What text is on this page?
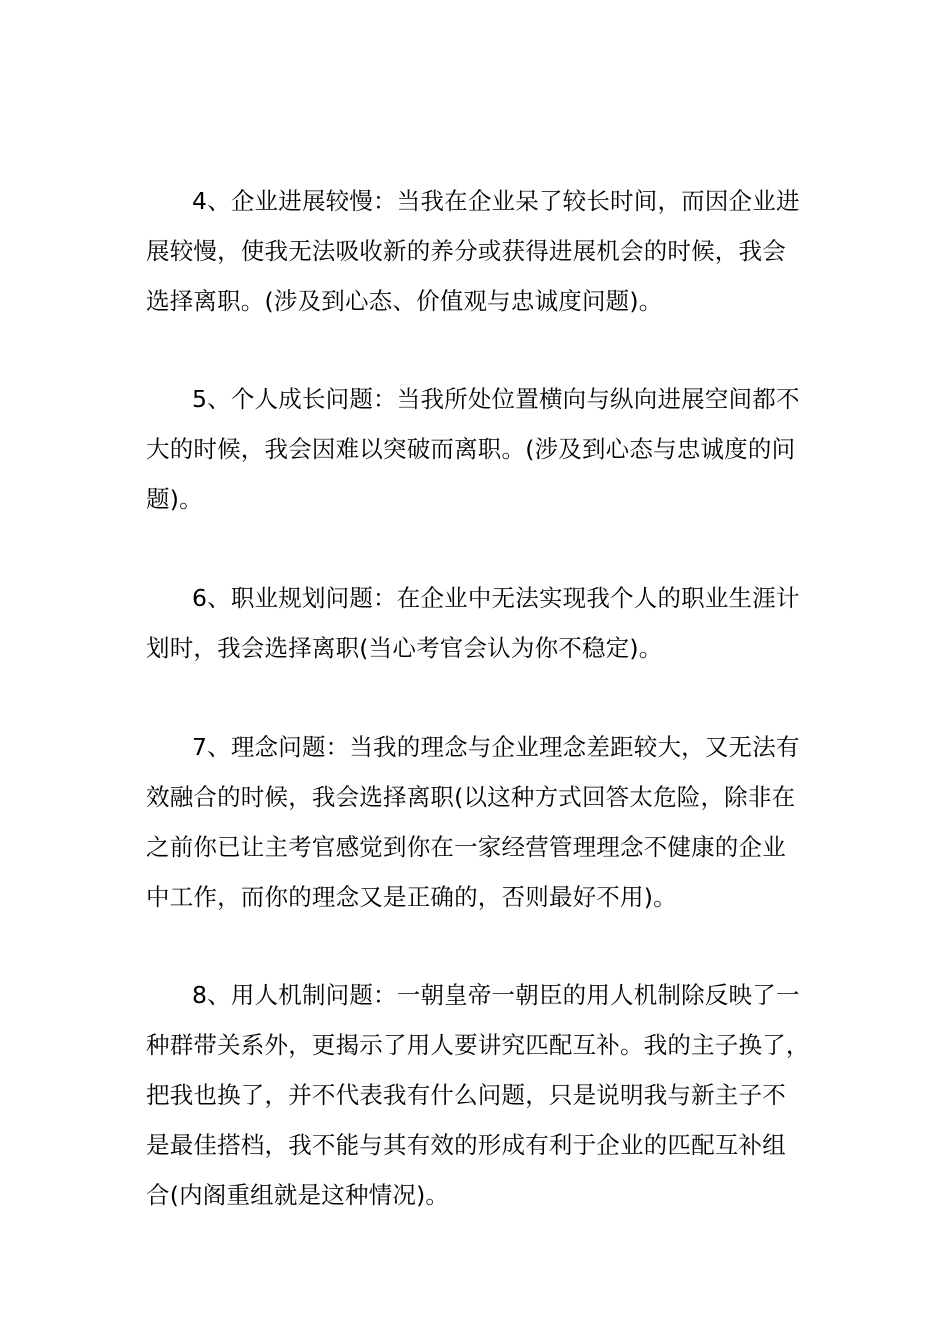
4、企业进展较慢：当我在企业呆了较长时间，而因企业进
展较慢，使我无法吸收新的养分或获得进展机会的时候，我会
选择离职。(涉及到心态、价值观与忠诚度问题)。
5、个人成长问题：当我所处位置横向与纵向进展空间都不
大的时候，我会因难以突破而离职。(涉及到心态与忠诚度的问
题)。
6、职业规划问题：在企业中无法实现我个人的职业生涯计
划时，我会选择离职(当心考官会认为你不稳定)。
7、理念问题：当我的理念与企业理念差距较大，又无法有
效融合的时候，我会选择离职(以这种方式回答太危险，除非在
之前你已让主考官感觉到你在一家经营管理理念不健康的企业
中工作，而你的理念又是正确的，否则最好不用)。
8、用人机制问题：一朝皇帝一朝臣的用人机制除反映了一
种群带关系外，更揭示了用人要讲究匹配互补。我的主子换了，
把我也换了，并不代表我有什么问题，只是说明我与新主子不
是最佳搭档，我不能与其有效的形成有利于企业的匹配互补组
合(内阁重组就是这种情况)。
